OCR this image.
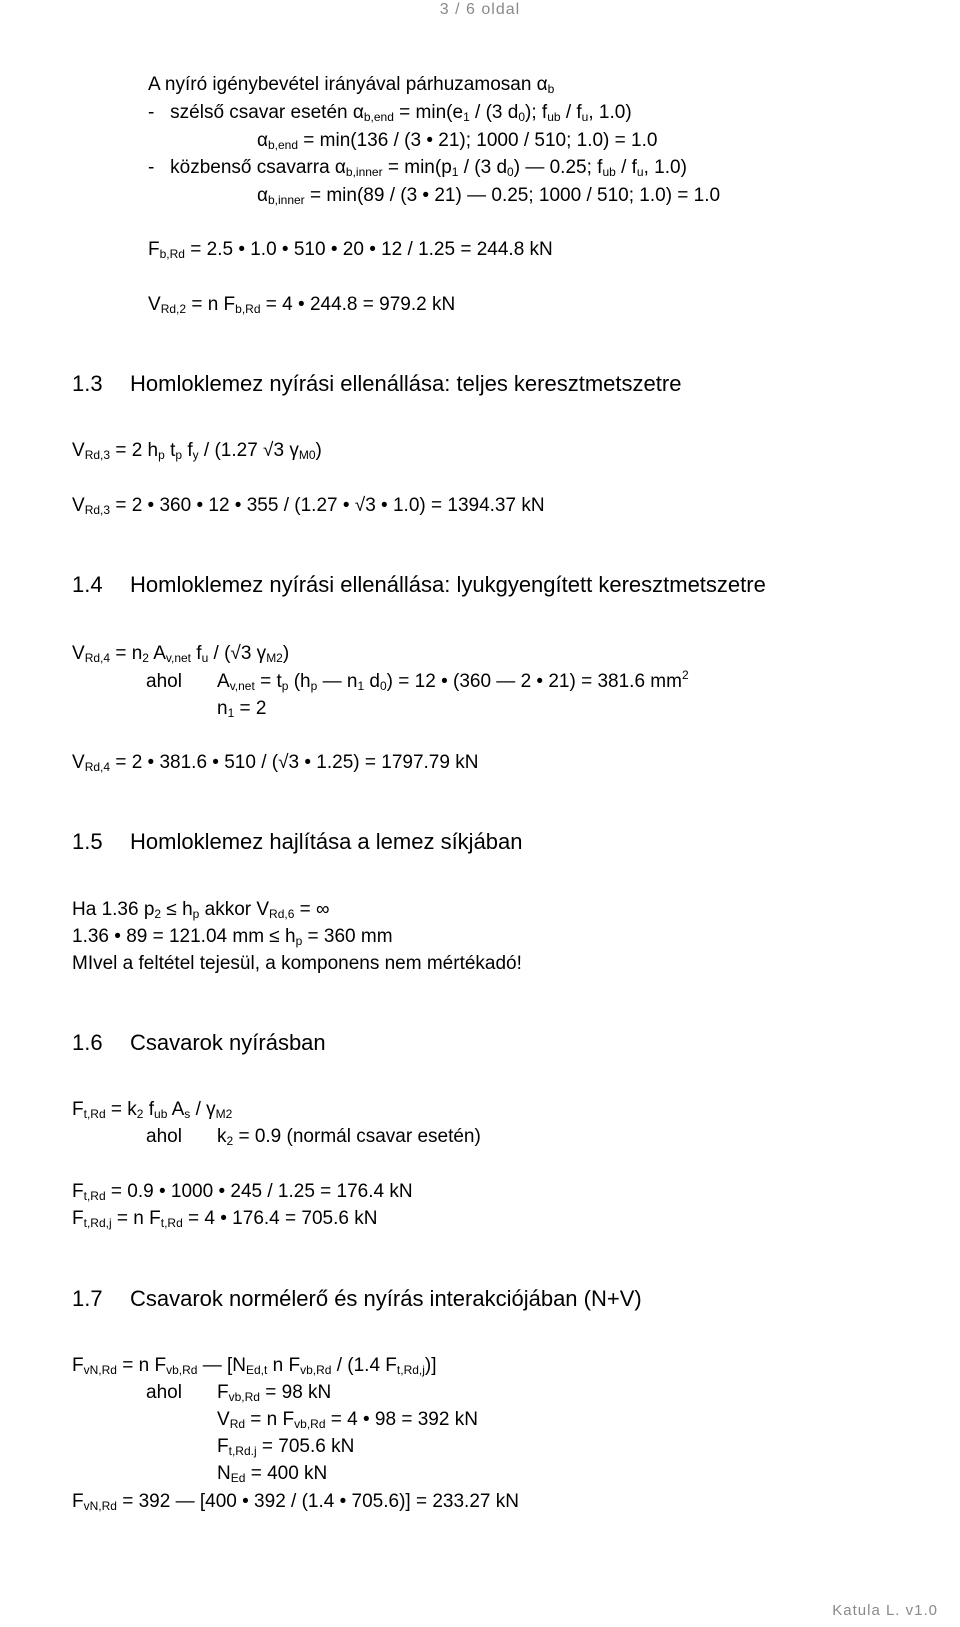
3 / 6 oldal
A nyíró igénybevétel irányával párhuzamosan $\alpha_b$
-   szélső csavar esetén $\alpha_{b,end} = \min(e_1 / (3$ $d_0$); $f_{ub} / f_u$, 1.0)
$\alpha_{b,end} = \min(136 / (3$ • 21); 1000 / 510; 1.0) = 1.0
-   közbenső csavarra $\alpha_{b,inner} = \min(p_1 / (3$ $d_0$) — 0.25; $f_{ub} / f_u$, 1.0)
$\alpha_{b,inner} = \min(89 / (3$ • 21) — 0.25; 1000 / 510; 1.0) = 1.0
$F_{b,Rd} = 2.5$ • 1.0 • 510 • 20 • 12 / 1.25 = 244.8 kN
$V_{Rd,2} = n$ $F_{b,Rd} = 4$ • 244.8 = 979.2 kN
1.3 Homloklemez nyírási ellenállása: teljes keresztmetszetre
$V_{Rd,3} = 2$ $h_p$ $t_p$ $f_y / (1.27$ √3 $\gamma_{M0}$)
$V_{Rd,3} = 2$ • 360 • 12 • 355 / (1.27 • √3 • 1.0) = 1394.37 kN
1.4 Homloklemez nyírási ellenállása: lyukgyengített keresztmetszetre
$V_{Rd,4} = n_2$ $A_{v,net}$ $f_u / (√3$ $\gamma_{M2}$)
ahol $A_{v,net} = t_p$ ($h_p$ — $n_1$ $d_0) = 12$ • (360 — 2 • 21) = 381.6 $mm^2$
$n_1 = 2$
$V_{Rd,4} = 2$ • 381.6 • 510 / (√3 • 1.25) = 1797.79 kN
1.5 Homloklemez hajlítása a lemez síkjában
Ha 1.36 $p_2 \le h_p$ akkor $V_{Rd,6}$ = ∞
1.36 • 89 = 121.04 mm ≤ $h_p = 360$ mm
MIvel a feltétel tejesül, a komponens nem mértékadó!
1.6 Csavarok nyírásban
$F_{t,Rd} = k_2$ $f_{ub}$ $A_s / \gamma_{M2}$
ahol $k_2 = 0.9$ (normál csavar esetén)
$F_{t,Rd} = 0.9$ • 1000 • 245 / 1.25 = 176.4 kN
$F_{t,Rd,j} = n$ $F_{t,Rd} = 4$ • 176.4 = 705.6 kN
1.7 Csavarok normélerő és nyírás interakciójában (N+V)
$F_{vN,Rd} = n$ $F_{vb,Rd}$ — [$N_{Ed,t}$ n $F_{vb,Rd} / (1.4$ $F_{t,Rd,j}$)]
ahol $F_{vb,Rd} = 98$ kN
$V_{Rd} = n$ $F_{vb,Rd} = 4$ • 98 = 392 kN
$F_{t,Rd.j} = 705.6$ kN
$N_{Ed} = 400$ kN
$F_{vN,Rd} = 392$ — [400 • 392 / (1.4 • 705.6)] = 233.27 kN
Katula L. v1.0
